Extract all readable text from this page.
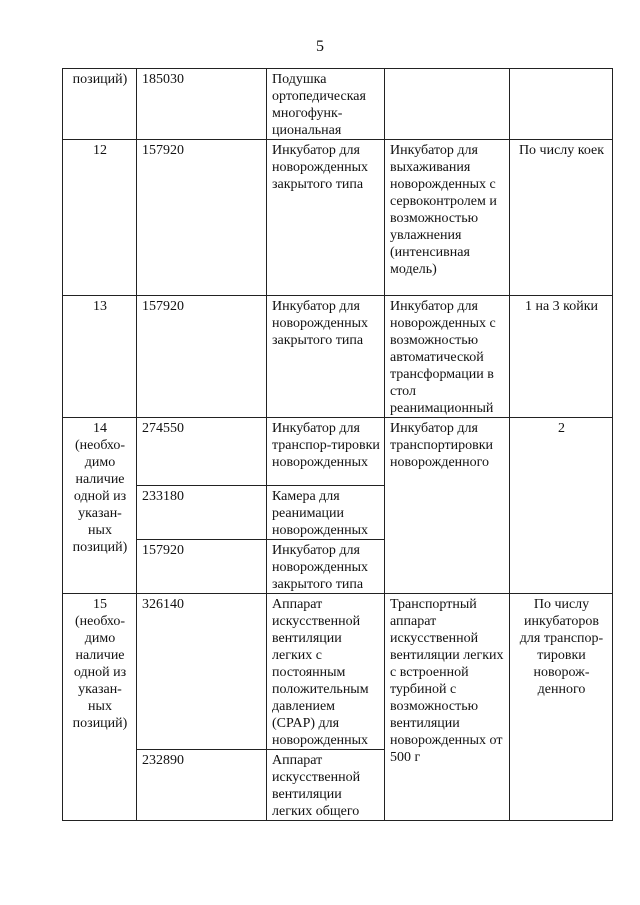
5
позиций)	185030	Подушка ортопедическая многофунк-циональная		
12	157920	Инкубатор для новорожденных закрытого типа	Инкубатор для выхаживания новорожденных с сервоконтролем и возможностью увлажнения (интенсивная модель)	По числу коек
13	157920	Инкубатор для новорожденных закрытого типа	Инкубатор для новорожденных с возможностью автоматической трансформации в стол реанимационный	1 на 3 койки
14 (необхо-димо наличие одной из указан-ных позиций)	274550	Инкубатор для транспор-тировки новорожденных	Инкубатор для транспортировки новорожденного	2
	233180	Камера для реанимации новорожденных		
	157920	Инкубатор для новорожденных закрытого типа		
15 (необхо-димо наличие одной из указан-ных позиций)	326140	Аппарат искусственной вентиляции легких с постоянным положительным давлением (CPAP) для новорожденных	Транспортный аппарат искусственной вентиляции легких с встроенной турбиной с возможностью вентиляции новорожденных от 500 г	По числу инкубаторов для транспор-тировки новорож-денного
	232890	Аппарат искусственной вентиляции легких общего		
